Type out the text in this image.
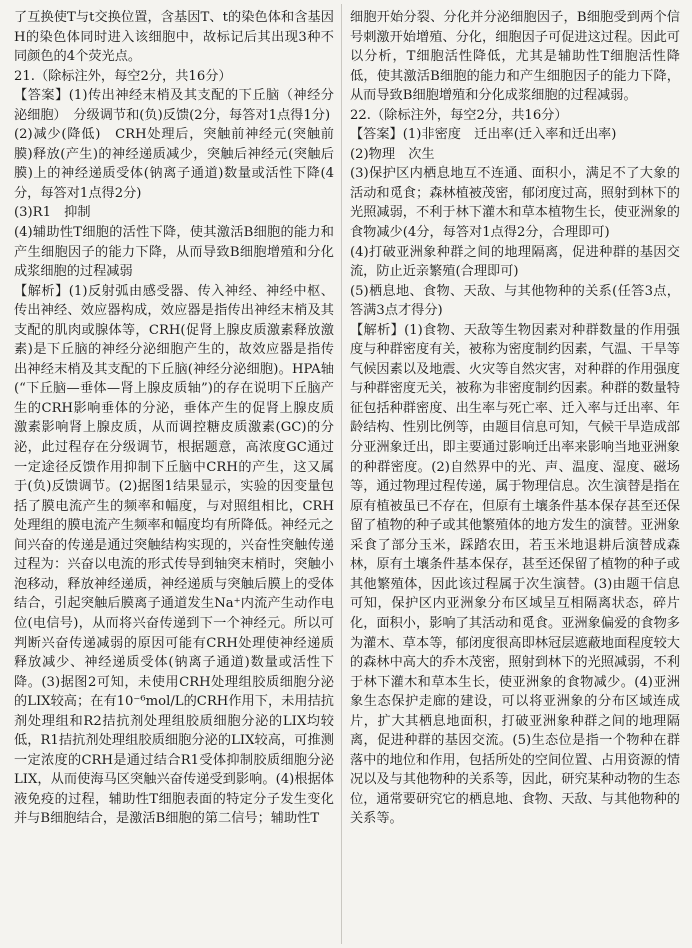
了互换使T与t交换位置，含基因T、t的染色体和含基因H的染色体同时进入该细胞中，故标记后其出现3种不同颜色的4个荧光点。

21.（除标注外，每空2分，共16分）

【答案】(1)传出神经末梢及其支配的下丘脑（神经分泌细胞）　分级调节和(负)反馈(2分，每答对1点得1分)

(2)减少(降低)　CRH处理后，突触前神经元(突触前膜)释放(产生)的神经递质减少，突触后神经元(突触后膜)上的神经递质受体(钠离子通道)数量或活性下降(4分，每答对1点得2分)

(3)R1　抑制

(4)辅助性T细胞的活性下降，使其激活B细胞的能力和产生细胞因子的能力下降，从而导致B细胞增殖和分化成浆细胞的过程减弱

【解析】(1)反射弧由感受器、传入神经、神经中枢、传出神经、效应器构成，效应器是指传出神经末梢及其支配的肌肉或腺体等，CRH(促肾上腺皮质激素释放激素)是下丘脑的神经分泌细胞产生的，故效应器是指传出神经末梢及其支配的下丘脑(神经分泌细胞)。HPA轴(“下丘脑—垂体—肾上腺皮质轴”)的存在说明下丘脑产生的CRH影响垂体的分泌，垂体产生的促肾上腺皮质激素影响肾上腺皮质，从而调控糖皮质激素(GC)的分泌，此过程存在分级调节，根据题意，高浓度GC通过一定途径反馈作用抑制下丘脑中CRH的产生，这又属于(负)反馈调节。(2)据图1结果显示，实验的因变量包括了膜电流产生的频率和幅度，与对照组相比，CRH处理组的膜电流产生频率和幅度均有所降低。神经元之间兴奋的传递是通过突触结构实现的，兴奋性突触传递过程为：兴奋以电流的形式传导到轴突末梢时，突触小泡移动，释放神经递质，神经递质与突触后膜上的受体结合，引起突触后膜离子通道发生Na⁺内流产生动作电位(电信号)，从而将兴奋传递到下一个神经元。所以可判断兴奋传递减弱的原因可能有CRH处理使神经递质释放减少、神经递质受体(钠离子通道)数量或活性下降。(3)据图2可知，未使用CRH处理组胶质细胞分泌的LIX较高；在有10⁻⁶mol/L的CRH作用下，未用拮抗剂处理组和R2拮抗剂处理组胶质细胞分泌的LIX均较低，R1拮抗剂处理组胶质细胞分泌的LIX较高，可推测一定浓度的CRH是通过结合R1受体抑制胶质细胞分泌LIX，从而使海马区突触兴奋传递受到影响。(4)根据体液免疫的过程，辅助性T细胞表面的特定分子发生变化并与B细胞结合，是激活B细胞的第二信号；辅助性T

细胞开始分裂、分化并分泌细胞因子，B细胞受到两个信号刺激开始增殖、分化，细胞因子可促进这过程。因此可以分析，T细胞活性降低，尤其是辅助性T细胞活性降低，使其激活B细胞的能力和产生细胞因子的能力下降，从而导致B细胞增殖和分化成浆细胞的过程减弱。

22.（除标注外，每空2分，共16分）

【答案】(1)非密度　迁出率(迁入率和迁出率)

(2)物理　次生

(3)保护区内栖息地互不连通、面积小，满足不了大象的活动和觅食；森林植被茂密，郁闭度过高，照射到林下的光照减弱，不利于林下灌木和草本植物生长，使亚洲象的食物减少(4分，每答对1点得2分，合理即可)

(4)打破亚洲象种群之间的地理隔离，促进种群的基因交流，防止近亲繁殖(合理即可)

(5)栖息地、食物、天敌、与其他物种的关系(任答3点，答满3点才得分)

【解析】(1)食物、天敌等生物因素对种群数量的作用强度与种群密度有关，被称为密度制约因素，气温、干旱等气候因素以及地震、火灾等自然灾害，对种群的作用强度与种群密度无关，被称为非密度制约因素。种群的数量特征包括种群密度、出生率与死亡率、迁入率与迁出率、年龄结构、性别比例等，由题目信息可知，气候干旱造成部分亚洲象迁出，即主要通过影响迁出率来影响当地亚洲象的种群密度。(2)自然界中的光、声、温度、湿度、磁场等，通过物理过程传递，属于物理信息。次生演替是指在原有植被虽已不存在，但原有土壤条件基本保存甚至还保留了植物的种子或其他繁殖体的地方发生的演替。亚洲象采食了部分玉米，踩踏农田，若玉米地退耕后演替成森林，原有土壤条件基本保存，甚至还保留了植物的种子或其他繁殖体，因此该过程属于次生演替。(3)由题干信息可知，保护区内亚洲象分布区域呈互相隔离状态，碎片化，面积小，影响了其活动和觅食。亚洲象偏爱的食物多为灌木、草本等，郁闭度很高即林冠层遮蔽地面程度较大的森林中高大的乔木茂密，照射到林下的光照减弱，不利于林下灌木和草本生长，使亚洲象的食物减少。(4)亚洲象生态保护走廊的建设，可以将亚洲象的分布区域连成片，扩大其栖息地面积，打破亚洲象种群之间的地理隔离，促进种群的基因交流。(5)生态位是指一个物种在群落中的地位和作用，包括所处的空间位置、占用资源的情况以及与其他物种的关系等，因此，研究某种动物的生态位，通常要研究它的栖息地、食物、天敌、与其他物种的关系等。
